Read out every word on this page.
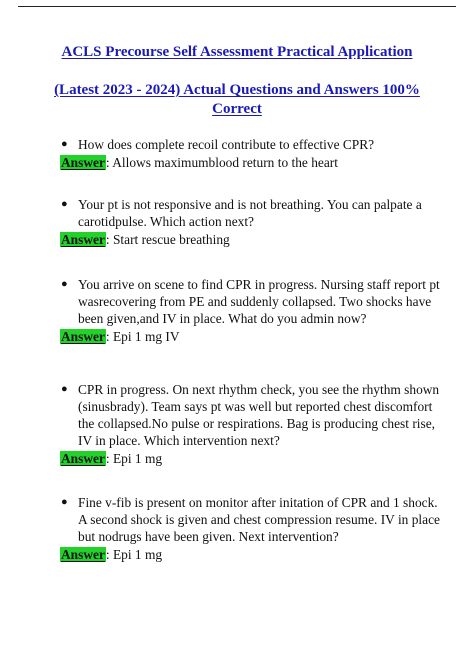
ACLS Precourse Self Assessment Practical Application
(Latest 2023 - 2024) Actual Questions and Answers 100% Correct
● How does complete recoil contribute to effective CPR?
Answer: Allows maximumblood return to the heart
● Your pt is not responsive and is not breathing. You can palpate a carotidpulse. Which action next?
Answer: Start rescue breathing
● You arrive on scene to find CPR in progress. Nursing staff report pt wasrecovering from PE and suddenly collapsed. Two shocks have been given,and IV in place. What do you admin now?
Answer: Epi 1 mg IV
● CPR in progress. On next rhythm check, you see the rhythm shown (sinusbrady). Team says pt was well but reported chest discomfort the collapsed.No pulse or respirations. Bag is producing chest rise, IV in place. Which intervention next?
Answer: Epi 1 mg
● Fine v-fib is present on monitor after initation of CPR and 1 shock. A second shock is given and chest compression resume. IV in place but nodrugs have been given. Next intervention?
Answer: Epi 1 mg
